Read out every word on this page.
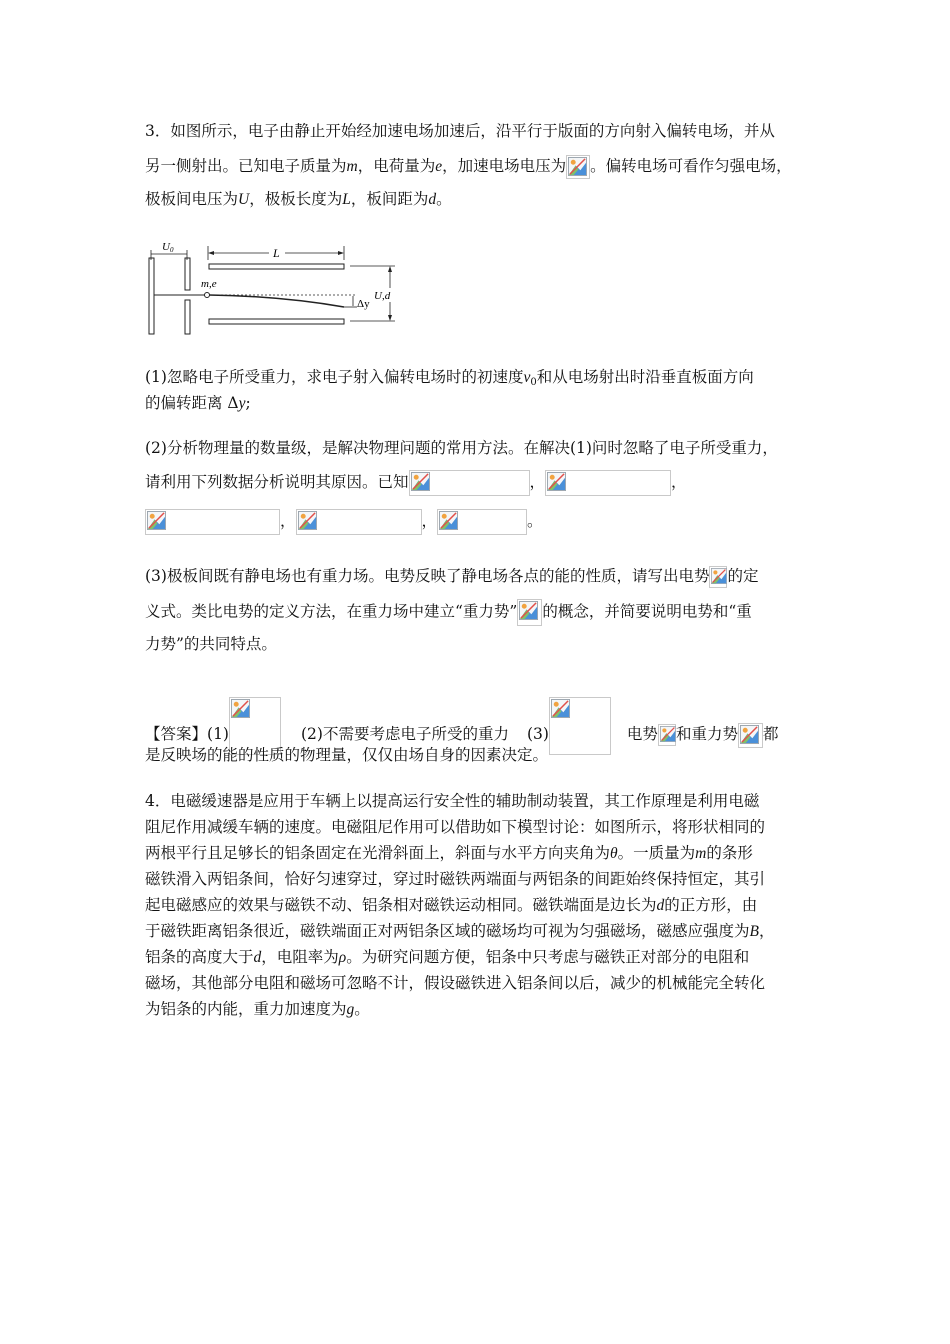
3．如图所示，电子由静止开始经加速电场加速后，沿平行于版面的方向射入偏转电场，并从
另一侧射出。已知电子质量为m，电荷量为e，加速电场电压为 。偏转电场可看作匀强电场，
极板间电压为U，极板长度为L，板间距为d。
U0
m,e
L
Δy
U,d
(1)忽略电子所受重力，求电子射入偏转电场时的初速度$v_0$和从电场射出时沿垂直板面方向
的偏转距离 Δy;
(2)分析物理量的数量级，是解决物理问题的常用方法。在解决(1)问时忽略了电子所受重力，
请利用下列数据分析说明其原因。已知	，	，
，	，	。
(3)极板间既有静电场也有重力场。电势反映了静电场各点的能的性质，请写出电势 的定
义式。类比电势的定义方法，在重力场中建立“重力势” 的概念，并简要说明电势和“重
力势”的共同特点。
【答案】(1)	(2)不需要考虑电子所受的重力 (3)	电势 和重力势 都
是反映场的能的性质的物理量，仅仅由场自身的因素决定。
4．电磁缓速器是应用于车辆上以提高运行安全性的辅助制动装置，其工作原理是利用电磁
阻尼作用减缓车辆的速度。电磁阻尼作用可以借助如下模型讨论：如图所示，将形状相同的
两根平行且足够长的铝条固定在光滑斜面上，斜面与水平方向夹角为θ。一质量为m的条形
磁铁滑入两铝条间，恰好匀速穿过，穿过时磁铁两端面与两铝条的间距始终保持恒定，其引
起电磁感应的效果与磁铁不动、铝条相对磁铁运动相同。磁铁端面是边长为d的正方形，由
于磁铁距离铝条很近，磁铁端面正对两铝条区域的磁场均可视为匀强磁场，磁感应强度为B，
铝条的高度大于d，电阻率为ρ。为研究问题方便，铝条中只考虑与磁铁正对部分的电阻和
磁场，其他部分电阻和磁场可忽略不计，假设磁铁进入铝条间以后，减少的机械能完全转化
为铝条的内能，重力加速度为g。
